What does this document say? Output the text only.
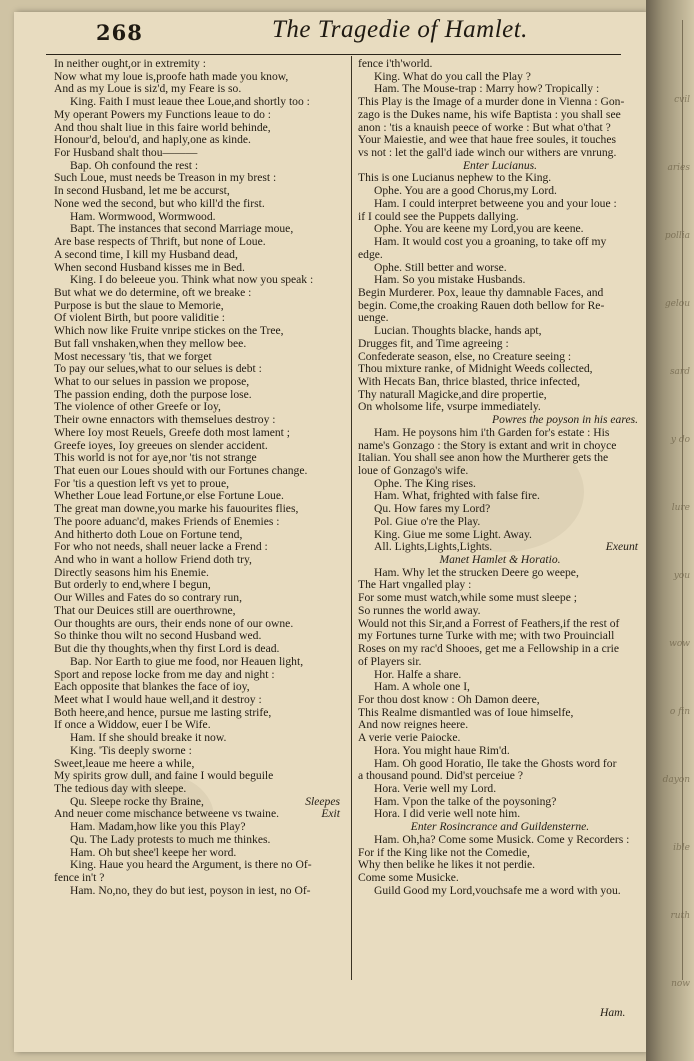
cvil
aries
pollia
gelou
sard
y do
lure
you
wow
o fin
dayon
ible
ruth
now
268	The Tragedie of Hamlet.
In neither ought,or in extremity :
Now what my loue is,proofe hath made you know,
And as my Loue is siz'd, my Feare is so.
King. Faith I must leaue thee Loue,and shortly too :
My operant Powers my Functions leaue to do :
And thou shalt liue in this faire world behinde,
Honour'd, belou'd, and haply,one as kinde.
For Husband shalt thou———
Bap. Oh confound the rest :
Such Loue, must needs be Treason in my brest :
In second Husband, let me be accurst,
None wed the second, but who kill'd the first.
Ham. Wormwood, Wormwood.
Bapt. The instances that second Marriage moue,
Are base respects of Thrift, but none of Loue.
A second time, I kill my Husband dead,
When second Husband kisses me in Bed.
King. I do beleeue you. Think what now you speak :
But what we do determine, oft we breake :
Purpose is but the slaue to Memorie,
Of violent Birth, but poore validitie :
Which now like Fruite vnripe stickes on the Tree,
But fall vnshaken,when they mellow bee.
Most necessary 'tis, that we forget
To pay our selues,what to our selues is debt :
What to our selues in passion we propose,
The passion ending, doth the purpose lose.
The violence of other Greefe or Ioy,
Their owne ennactors with themselues destroy :
Where Ioy most Reuels, Greefe doth most lament ;
Greefe ioyes, Ioy greeues on slender accident.
This world is not for aye,nor 'tis not strange
That euen our Loues should with our Fortunes change.
For 'tis a question left vs yet to proue,
Whether Loue lead Fortune,or else Fortune Loue.
The great man downe,you marke his fauourites flies,
The poore aduanc'd, makes Friends of Enemies :
And hitherto doth Loue on Fortune tend,
For who not needs, shall neuer lacke a Frend :
And who in want a hollow Friend doth try,
Directly seasons him his Enemie.
But orderly to end,where I begun,
Our Willes and Fates do so contrary run,
That our Deuices still are ouerthrowne,
Our thoughts are ours, their ends none of our owne.
So thinke thou wilt no second Husband wed.
But die thy thoughts,when thy first Lord is dead.
Bap. Nor Earth to giue me food, nor Heauen light,
Sport and repose locke from me day and night :
Each opposite that blankes the face of ioy,
Meet what I would haue well,and it destroy :
Both heere,and hence, pursue me lasting strife,
If once a Widdow, euer I be Wife.
Ham. If she should breake it now.
King. 'Tis deeply sworne :
Sweet,leaue me heere a while,
My spirits grow dull, and faine I would beguile
The tedious day with sleepe.
Qu. Sleepe rocke thy Braine,	Sleepes
And neuer come mischance betweene vs twaine.	Exit
Ham. Madam,how like you this Play?
Qu. The Lady protests to much me thinkes.
Ham. Oh but shee'l keepe her word.
King. Haue you heard the Argument, is there no Of-
fence in't ?
Ham. No,no, they do but iest, poyson in iest, no Of-
fence i'th'world.
King. What do you call the Play ?
Ham. The Mouse-trap : Marry how? Tropically :
This Play is the Image of a murder done in Vienna : Gon-
zago is the Dukes name, his wife Baptista : you shall see
anon : 'tis a knauish peece of worke : But what o'that ?
Your Maiestie, and wee that haue free soules, it touches
vs not : let the gall'd iade winch our withers are vnrung.
Enter Lucianus.
This is one Lucianus nephew to the King.
Ophe. You are a good Chorus,my Lord.
Ham. I could interpret betweene you and your loue :
if I could see the Puppets dallying.
Ophe. You are keene my Lord,you are keene.
Ham. It would cost you a groaning, to take off my
edge.
Ophe. Still better and worse.
Ham. So you mistake Husbands.
Begin Murderer. Pox, leaue thy damnable Faces, and
begin. Come,the croaking Rauen doth bellow for Re-
uenge.
Lucian. Thoughts blacke, hands apt,
Drugges fit, and Time agreeing :
Confederate season, else, no Creature seeing :
Thou mixture ranke, of Midnight Weeds collected,
With Hecats Ban, thrice blasted, thrice infected,
Thy naturall Magicke,and dire propertie,
On wholsome life, vsurpe immediately.
Powres the poyson in his eares.
Ham. He poysons him i'th Garden for's estate : His
name's Gonzago : the Story is extant and writ in choyce
Italian. You shall see anon how the Murtherer gets the
loue of Gonzago's wife.
Ophe. The King rises.
Ham. What, frighted with false fire.
Qu. How fares my Lord?
Pol. Giue o're the Play.
King. Giue me some Light. Away.
All. Lights,Lights,Lights.	Exeunt
Manet Hamlet & Horatio.
Ham. Why let the strucken Deere go weepe,
The Hart vngalled play :
For some must watch,while some must sleepe ;
So runnes the world away.
Would not this Sir,and a Forrest of Feathers,if the rest of
my Fortunes turne Turke with me; with two Prouinciall
Roses on my rac'd Shooes, get me a Fellowship in a crie
of Players sir.
Hor. Halfe a share.
Ham. A whole one I,
For thou dost know : Oh Damon deere,
This Realme dismantled was of Ioue himselfe,
And now reignes heere.
A verie verie Paiocke.
Hora. You might haue Rim'd.
Ham. Oh good Horatio, Ile take the Ghosts word for
a thousand pound. Did'st perceiue ?
Hora. Verie well my Lord.
Ham. Vpon the talke of the poysoning?
Hora. I did verie well note him.
Enter Rosincrance and Guildensterne.
Ham. Oh,ha? Come some Musick. Come y Recorders :
For if the King like not the Comedie,
Why then belike he likes it not perdie.
Come some Musicke.
Guild Good my Lord,vouchsafe me a word with you.
Ham.
